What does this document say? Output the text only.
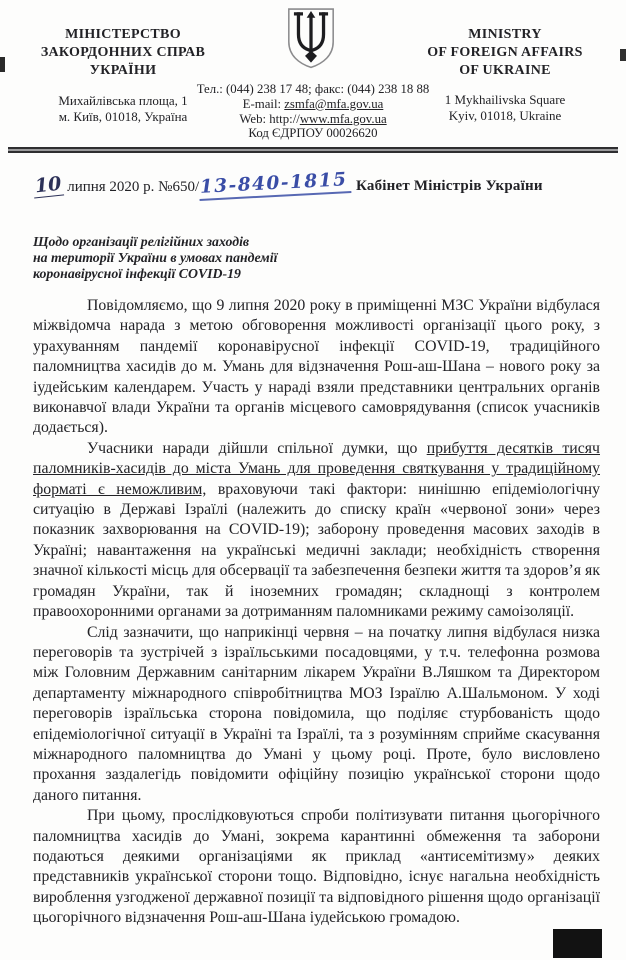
МІНІСТЕРСТВО
ЗАКОРДОННИХ СПРАВ
УКРАЇНИ
Михайлівська площа, 1
м. Київ, 01018, Україна
Тел.: (044) 238 17 48; факс: (044) 238 18 88
E-mail: zsmfa@mfa.gov.ua
Web: http://www.mfa.gov.ua
Код ЄДРПОУ 00026620
MINISTRY
OF FOREIGN AFFAIRS
OF UKRAINE
1 Mykhailivska Square
Kyiv, 01018, Ukraine
10 липня 2020 р. №650/13-840-1815 Кабінет Міністрів України
Щодо організації релігійних заходів
на території України в умовах пандемії
коронавірусної інфекції COVID-19

Повідомляємо, що 9 липня 2020 року в приміщенні МЗС України відбулася міжвідомча нарада з метою обговорення можливості організації цього року, з урахуванням пандемії коронавірусної інфекції COVID-19, традиційного паломництва хасидів до м. Умань для відзначення Рош-аш-Шана – нового року за іудейським календарем. Участь у нараді взяли представники центральних органів виконавчої влади України та органів місцевого самоврядування (список учасників додається).

Учасники наради дійшли спільної думки, що прибуття десятків тисяч паломників-хасидів до міста Умань для проведення святкування у традиційному форматі є неможливим, враховуючи такі фактори: нинішню епідеміологічну ситуацію в Державі Ізраїлі (належить до списку країн «червоної зони» через показник захворювання на COVID-19); заборону проведення масових заходів в Україні; навантаження на українські медичні заклади; необхідність створення значної кількості місць для обсервації та забезпечення безпеки життя та здоров’я як громадян України, так й іноземних громадян; складнощі з контролем правоохоронними органами за дотриманням паломниками режиму самоізоляції.

Слід зазначити, що наприкінці червня – на початку липня відбулася низка переговорів та зустрічей з ізраїльськими посадовцями, у т.ч. телефонна розмова між Головним Державним санітарним лікарем України В.Ляшком та Директором департаменту міжнародного співробітництва МОЗ Ізраїлю А.Шальмоном. У ході переговорів ізраїльська сторона повідомила, що поділяє стурбованість щодо епідеміологічної ситуації в Україні та Ізраїлі, та з розумінням сприйме скасування міжнародного паломництва до Умані у цьому році. Проте, було висловлено прохання заздалегідь повідомити офіційну позицію української сторони щодо даного питання.

При цьому, прослідковуються спроби політизувати питання цьогорічного паломництва хасидів до Умані, зокрема карантинні обмеження та заборони подаються деякими організаціями як приклад «антисемітизму» деяких представників української сторони тощо. Відповідно, існує нагальна необхідність вироблення узгодженої державної позиції та відповідного рішення щодо організації цьогорічного відзначення Рош-аш-Шана іудейською громадою.
